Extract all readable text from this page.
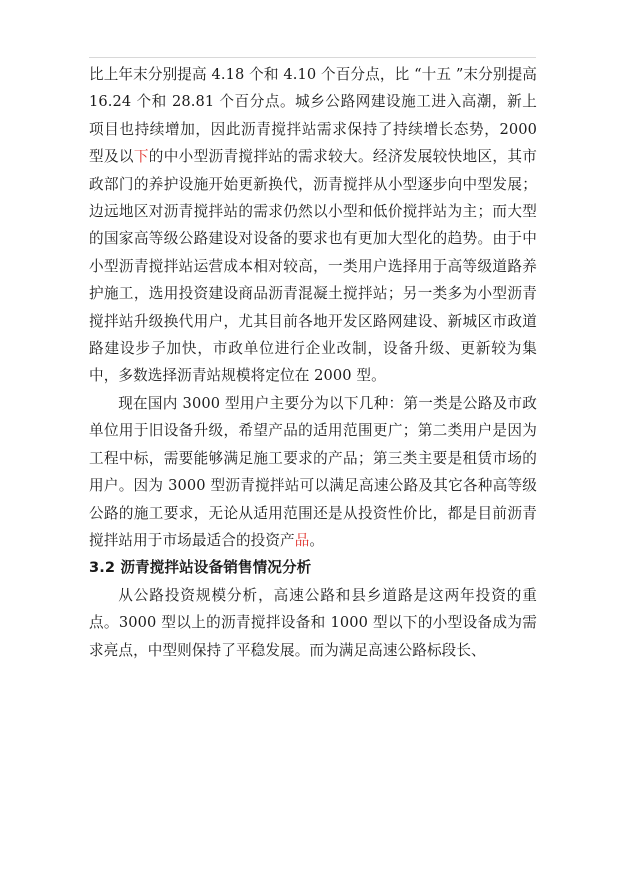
比上年末分别提高 4.18 个和 4.10 个百分点，比 “十五 ”末分别提高 16.24 个和 28.81 个百分点。城乡公路网建设施工进入高潮，新上项目也持续增加，因此沥青搅拌站需求保持了持续增长态势，2000 型及以下的中小型沥青搅拌站的需求较大。经济发展较快地区，其市政部门的养护设施开始更新换代，沥青搅拌从小型逐步向中型发展；边远地区对沥青搅拌站的需求仍然以小型和低价搅拌站为主；而大型的国家高等级公路建设对设备的要求也有更加大型化的趋势。由于中小型沥青搅拌站运营成本相对较高，一类用户选择用于高等级道路养护施工，选用投资建设商品沥青混凝土搅拌站；另一类多为小型沥青搅拌站升级换代用户，尤其目前各地开发区路网建设、新城区市政道路建设步子加快，市政单位进行企业改制，设备升级、更新较为集中，多数选择沥青站规模将定位在 2000 型。

现在国内 3000 型用户主要分为以下几种：第一类是公路及市政单位用于旧设备升级，希望产品的适用范围更广；第二类用户是因为工程中标，需要能够满足施工要求的产品；第三类主要是租赁市场的用户。因为 3000 型沥青搅拌站可以满足高速公路及其它各种高等级公路的施工要求，无论从适用范围还是从投资性价比，都是目前沥青搅拌站用于市场最适合的投资产品。

3.2 沥青搅拌站设备销售情况分析

从公路投资规模分析，高速公路和县乡道路是这两年投资的重点。3000 型以上的沥青搅拌设备和 1000 型以下的小型设备成为需求亮点，中型则保持了平稳发展。而为满足高速公路标段长、
